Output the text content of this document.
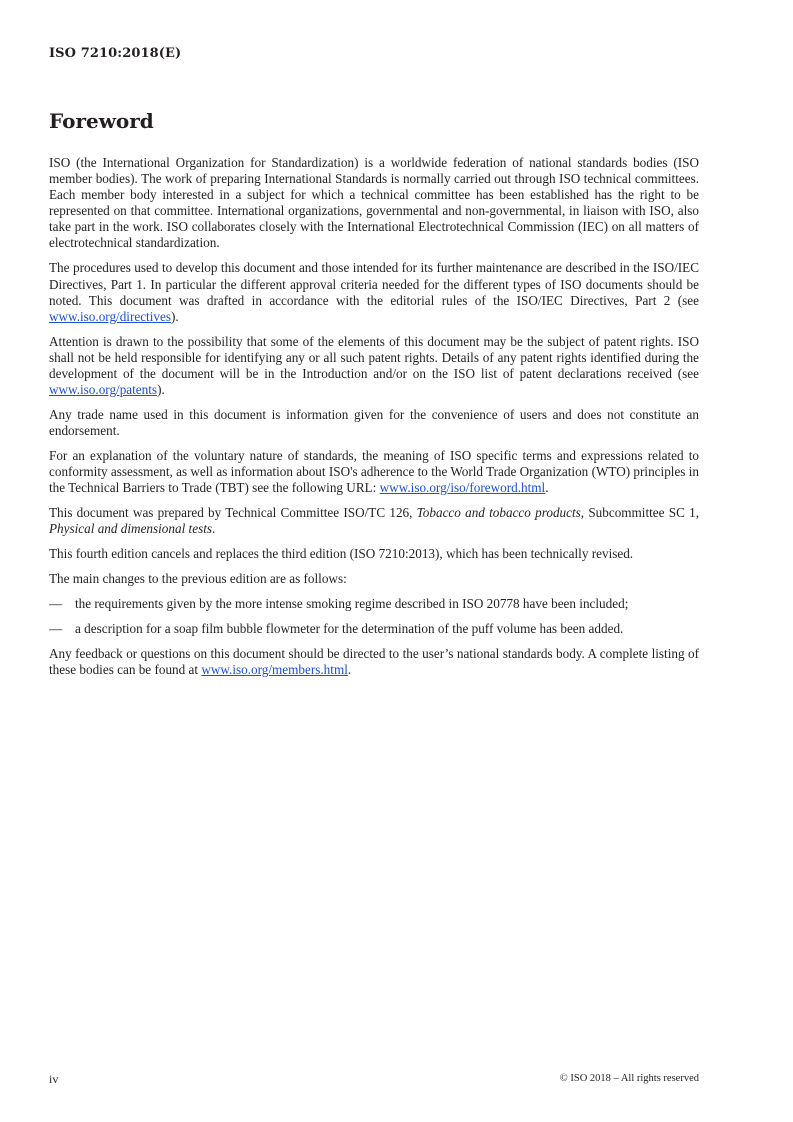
ISO 7210:2018(E)

Foreword

ISO (the International Organization for Standardization) is a worldwide federation of national standards bodies (ISO member bodies). The work of preparing International Standards is normally carried out through ISO technical committees. Each member body interested in a subject for which a technical committee has been established has the right to be represented on that committee. International organizations, governmental and non-governmental, in liaison with ISO, also take part in the work. ISO collaborates closely with the International Electrotechnical Commission (IEC) on all matters of electrotechnical standardization.

The procedures used to develop this document and those intended for its further maintenance are described in the ISO/IEC Directives, Part 1. In particular the different approval criteria needed for the different types of ISO documents should be noted. This document was drafted in accordance with the editorial rules of the ISO/IEC Directives, Part 2 (see www.iso.org/directives).

Attention is drawn to the possibility that some of the elements of this document may be the subject of patent rights. ISO shall not be held responsible for identifying any or all such patent rights. Details of any patent rights identified during the development of the document will be in the Introduction and/or on the ISO list of patent declarations received (see www.iso.org/patents).

Any trade name used in this document is information given for the convenience of users and does not constitute an endorsement.

For an explanation of the voluntary nature of standards, the meaning of ISO specific terms and expressions related to conformity assessment, as well as information about ISO's adherence to the World Trade Organization (WTO) principles in the Technical Barriers to Trade (TBT) see the following URL: www.iso.org/iso/foreword.html.

This document was prepared by Technical Committee ISO/TC 126, Tobacco and tobacco products, Subcommittee SC 1, Physical and dimensional tests.

This fourth edition cancels and replaces the third edition (ISO 7210:2013), which has been technically revised.

The main changes to the previous edition are as follows:

— the requirements given by the more intense smoking regime described in ISO 20778 have been included;
— a description for a soap film bubble flowmeter for the determination of the puff volume has been added.

Any feedback or questions on this document should be directed to the user’s national standards body. A complete listing of these bodies can be found at www.iso.org/members.html.

iv	© ISO 2018 – All rights reserved
